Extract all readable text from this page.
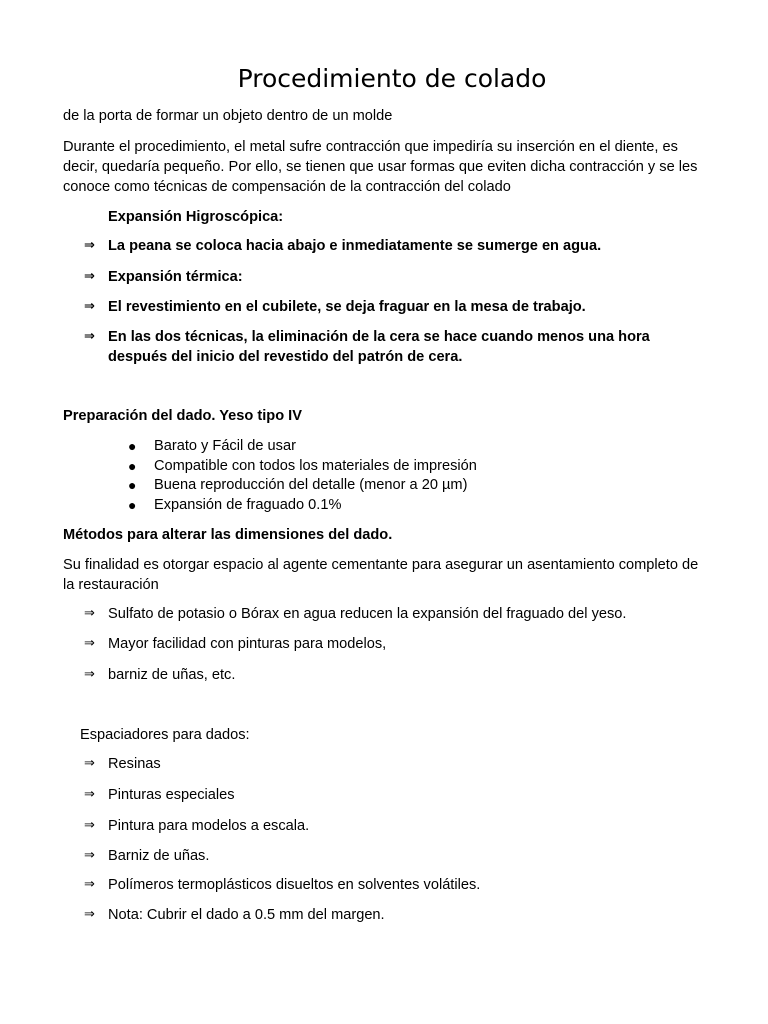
Procedimiento de colado

de la porta de formar un objeto dentro de un molde

Durante el procedimiento, el metal sufre contracción que impediría su inserción en el diente, es decir, quedaría pequeño. Por ello, se tienen que usar formas que eviten dicha contracción y se les conoce como técnicas de compensación de la contracción del colado

Expansión Higroscópica:
⇒ La peana se coloca hacia abajo e inmediatamente se sumerge en agua.
⇒ Expansión térmica:
⇒ El revestimiento en el cubilete, se deja fraguar en la mesa de trabajo.
⇒ En las dos técnicas, la eliminación de la cera se hace cuando menos una hora después del inicio del revestido del patrón de cera.
Preparación del dado. Yeso tipo IV
●	Barato y Fácil de usar
●	Compatible con todos los materiales de impresión
●	Buena reproducción del detalle (menor a 20 µm)
●	Expansión de fraguado 0.1%
Métodos para alterar las dimensiones del dado.

Su finalidad es otorgar espacio al agente cementante para asegurar un asentamiento completo de la restauración

⇒ Sulfato de potasio o Bórax en agua reducen la expansión del fraguado del yeso.
⇒ Mayor facilidad con pinturas para modelos,
⇒ barniz de uñas, etc.
Espaciadores para dados:
⇒ Resinas
⇒ Pinturas especiales
⇒ Pintura para modelos a escala.
⇒ Barniz de uñas.
⇒ Polímeros termoplásticos disueltos en solventes volátiles.
⇒ Nota: Cubrir el dado a 0.5 mm del margen.
